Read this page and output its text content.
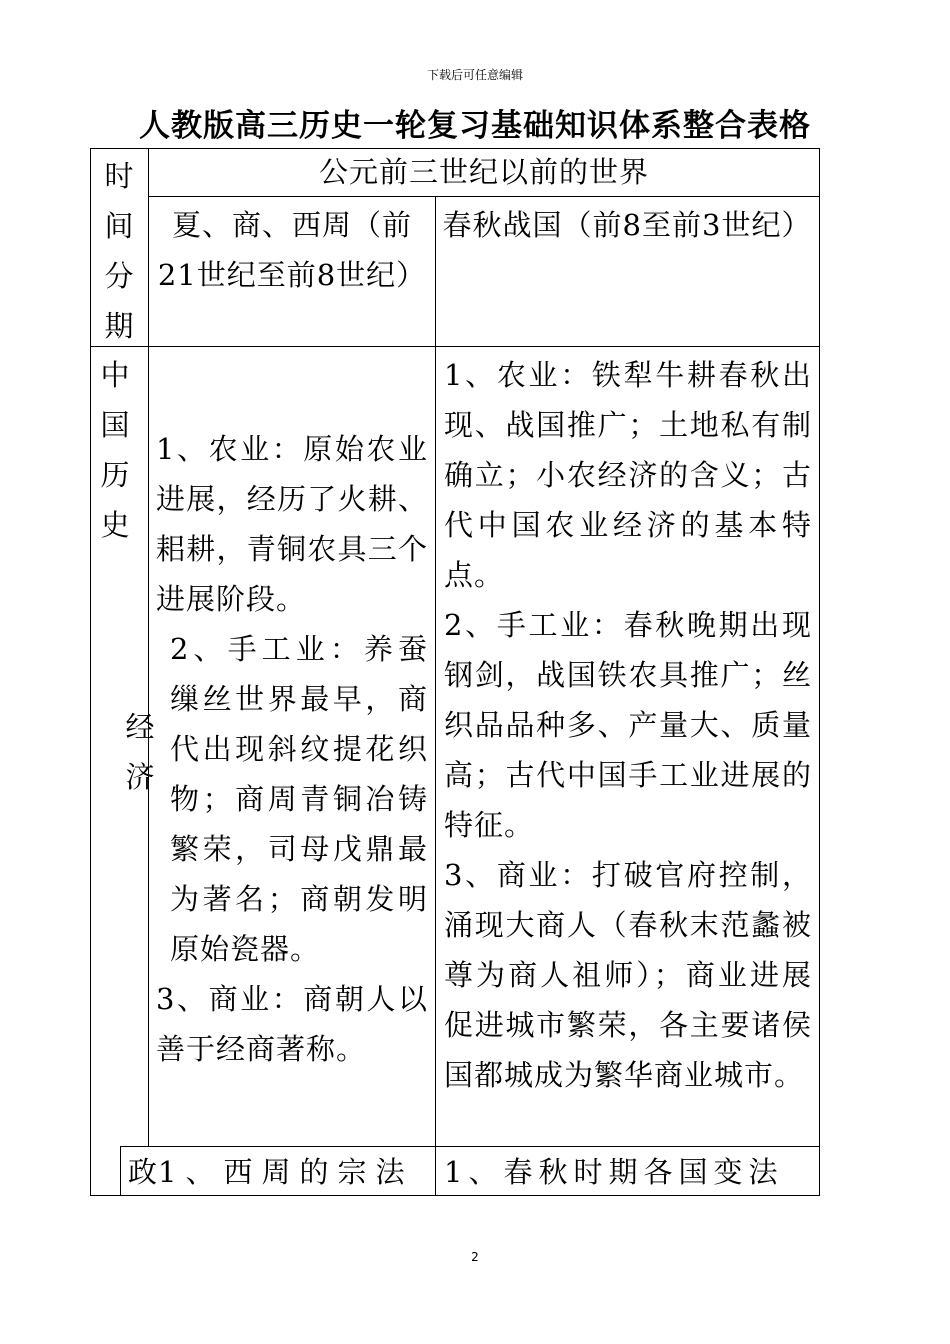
下载后可任意编辑
人教版高三历史一轮复习基础知识体系整合表格
时间分期
公元前三世纪以前的世界
夏、商、西周（前21世纪至前8世纪）
春秋战国（前8至前3世纪）
中国历史
经济
1、农业：原始农业进展，经历了火耕、耜耕，青铜农具三个进展阶段。
2、手工业：养蚕缫丝世界最早，商代出现斜纹提花织物；商周青铜冶铸繁荣，司母戊鼎最为著名；商朝发明原始瓷器。
3、商业：商朝人以善于经商著称。
1、农业：铁犁牛耕春秋出现、战国推广；土地私有制确立；小农经济的含义；古代中国农业经济的基本特点。
2、手工业：春秋晚期出现钢剑，战国铁农具推广；丝织品品种多、产量大、质量高；古代中国手工业进展的特征。
3、商业：打破官府控制，涌现大商人（春秋末范蠡被尊为商人祖师）；商业进展促进城市繁荣，各主要诸侯国都城成为繁华商业城市。
政 1、西周的宗法	1、春秋时期各国变法
2
